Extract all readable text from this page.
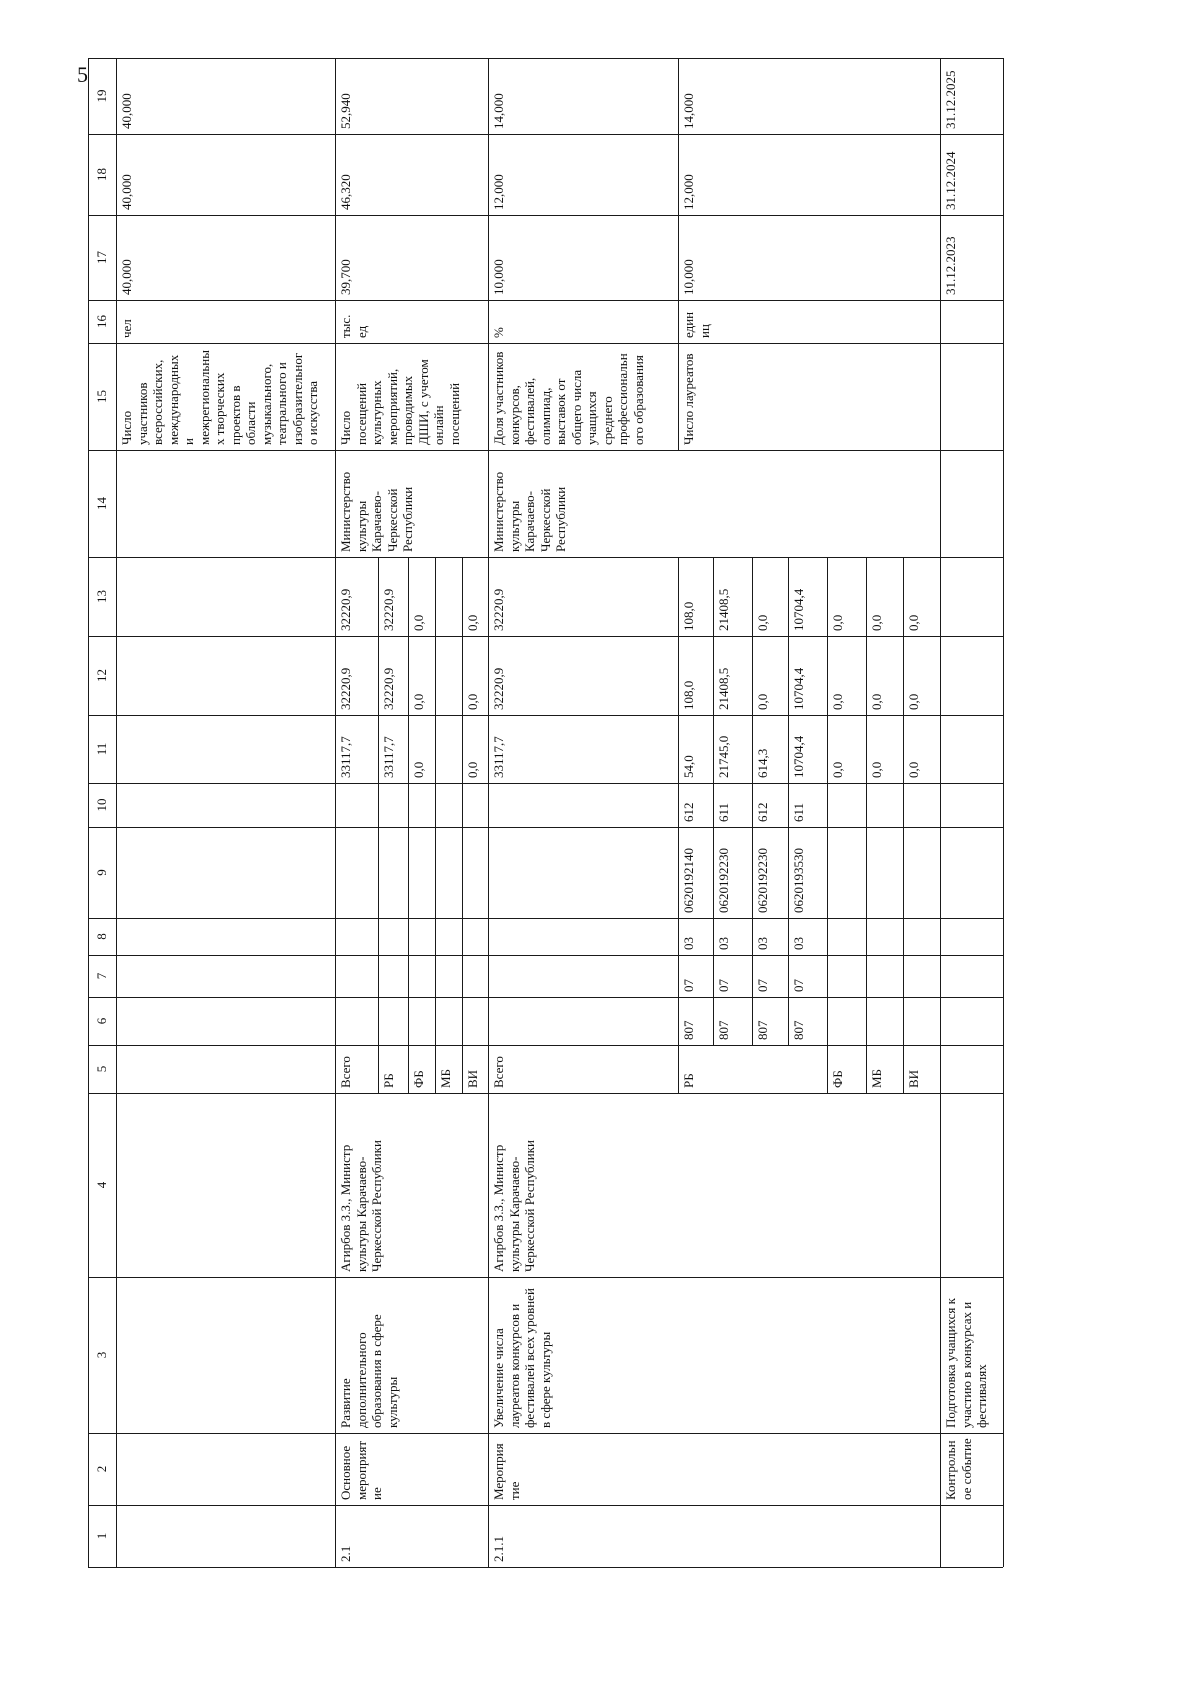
5
1
2
3
4
5
6
7
8
9
10
11
12
13
14
15
16
17
18
19
Число участников всероссийских, международных и межрегиональных творческих проектов в области музыкального, театрального и изобразительного искусства
чел
40,000
40,000
40,000
2.1
Основное мероприятие
Развитие дополнительного образования в сфере культуры
Агирбов З.З., Министр культуры Карачаево-Черкесской Республики
Министерство культуры Карачаево-Черкесской Республики
Число посещений культурных мероприятий, проводимых ДШИ, с учетом онлайн посещений
тыс. ед
39,700
46,320
52,940
Всего
33117,7
32220,9
32220,9
РБ
33117,7
32220,9
32220,9
ФБ
0,0
0,0
0,0
МБ ВИ
0,0
0,0
0,0
2.1.1
Мероприятие
Увеличение числа лауреатов конкурсов и фестивалей всех уровней в сфере культуры
Агирбов З.З., Министр культуры Карачаево-Черкесской Республики
Министерство культуры Карачаево-Черкесской Республики
Доля участников конкурсов, фестивалей, олимпиад, выставок от общего числа учащихся среднего профессионального образования
%
10,000
12,000
14,000
Число лауреатов
единиц
10,000
12,000
14,000
Всего
33117,7
32220,9
32220,9
РБ
807
07
03
0620192140
612
54,0
108,0
108,0
807
07
03
0620192230
611
21745,0
21408,5
21408,5
807
07
03
0620192230
612
614,3
0,0
0,0
807
07
03
0620193530
611
10704,4
10704,4
10704,4
ФБ
0,0
0,0
0,0
МБ
0,0
0,0
0,0
ВИ
0,0
0,0
0,0
Контрольное событие
Подготовка учащихся к участию в конкурсах и фестивалях
31.12.2023
31.12.2024
31.12.2025
